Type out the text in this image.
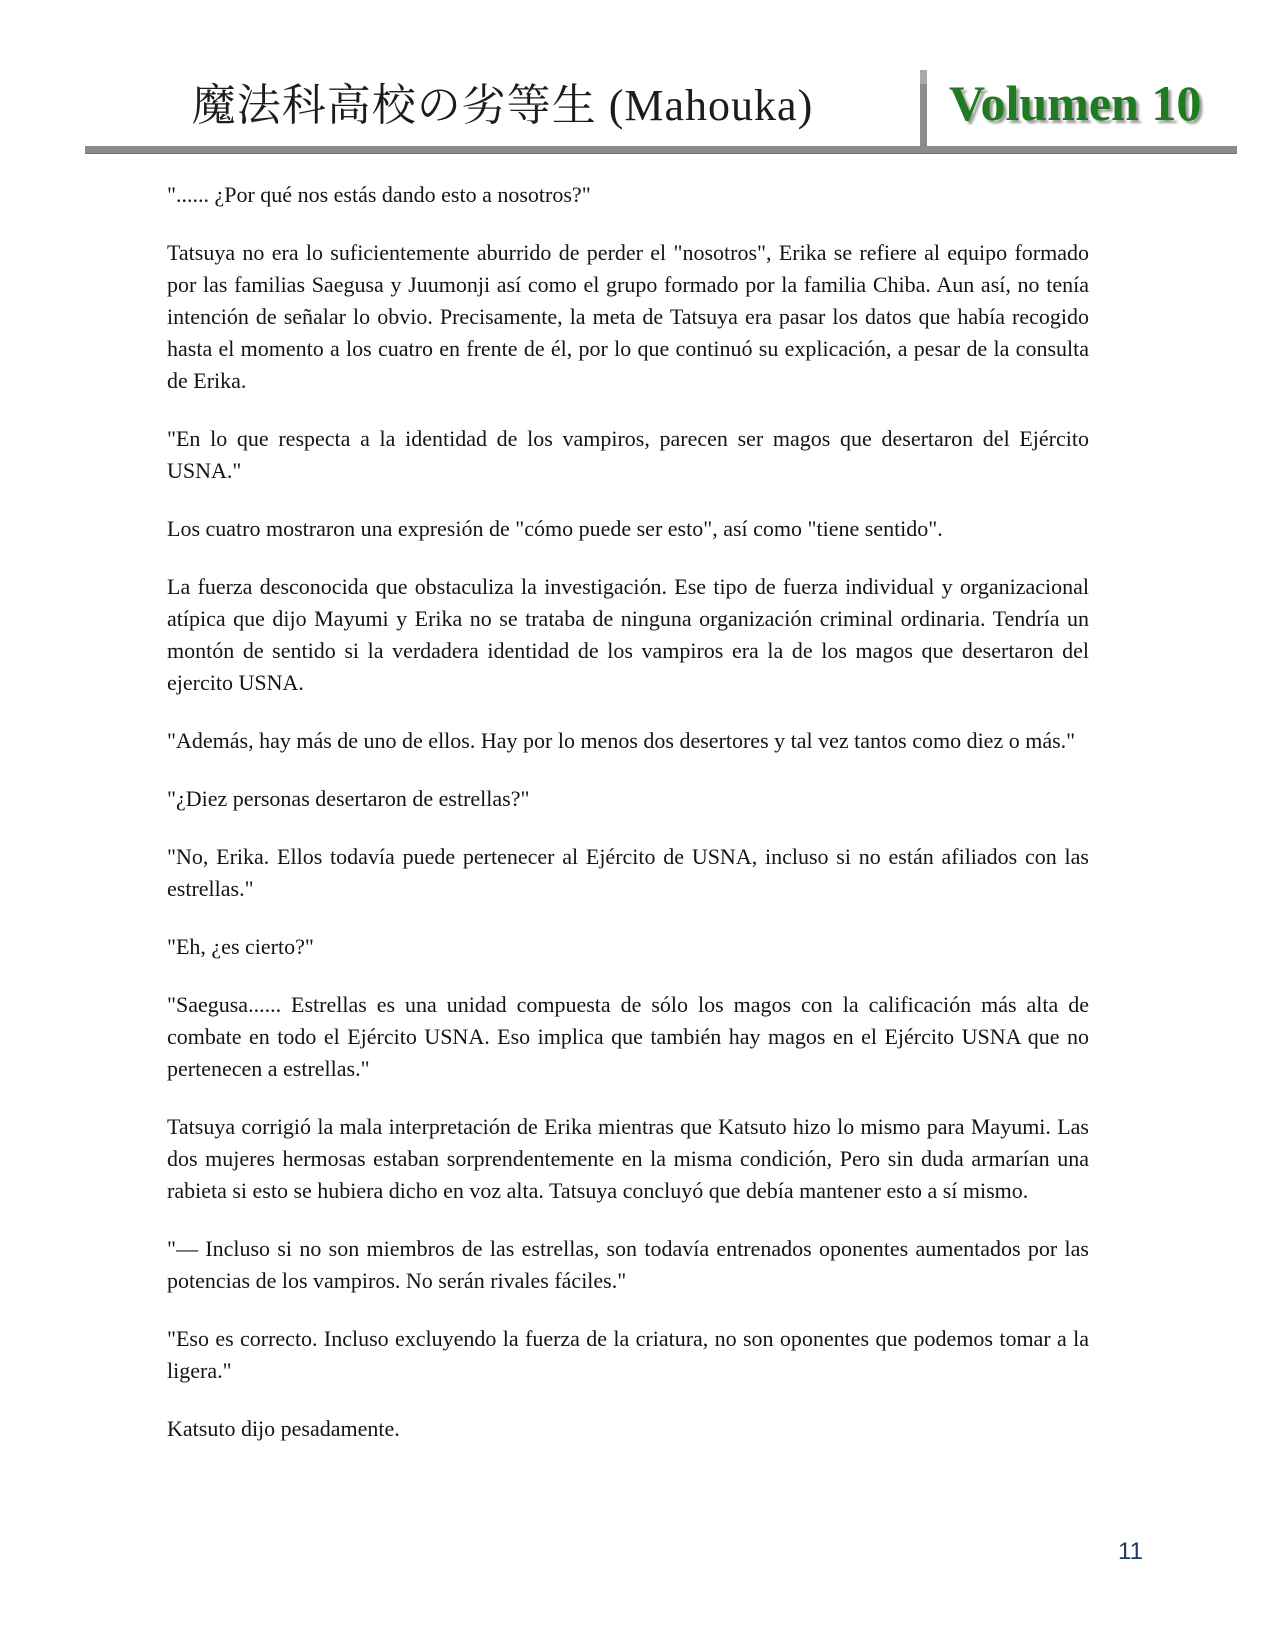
魔法科高校の劣等生 (Mahouka)	Volumen 10

"...... ¿Por qué nos estás dando esto a nosotros?"

Tatsuya no era lo suficientemente aburrido de perder el "nosotros", Erika se refiere al equipo formado por las familias Saegusa y Juumonji así como el grupo formado por la familia Chiba. Aun así, no tenía intención de señalar lo obvio. Precisamente, la meta de Tatsuya era pasar los datos que había recogido hasta el momento a los cuatro en frente de él, por lo que continuó su explicación, a pesar de la consulta de Erika.

"En lo que respecta a la identidad de los vampiros, parecen ser magos que desertaron del Ejército USNA."

Los cuatro mostraron una expresión de "cómo puede ser esto", así como "tiene sentido".

La fuerza desconocida que obstaculiza la investigación. Ese tipo de fuerza individual y organizacional atípica que dijo Mayumi y Erika no se trataba de ninguna organización criminal ordinaria. Tendría un montón de sentido si la verdadera identidad de los vampiros era la de los magos que desertaron del ejercito USNA.

"Además, hay más de uno de ellos. Hay por lo menos dos desertores y tal vez tantos como diez o más."

"¿Diez personas desertaron de estrellas?"

"No, Erika. Ellos todavía puede pertenecer al Ejército de USNA, incluso si no están afiliados con las estrellas."

"Eh, ¿es cierto?"

"Saegusa...... Estrellas es una unidad compuesta de sólo los magos con la calificación más alta de combate en todo el Ejército USNA. Eso implica que también hay magos en el Ejército USNA que no pertenecen a estrellas."

Tatsuya corrigió la mala interpretación de Erika mientras que Katsuto hizo lo mismo para Mayumi. Las dos mujeres hermosas estaban sorprendentemente en la misma condición, Pero sin duda armarían una rabieta si esto se hubiera dicho en voz alta. Tatsuya concluyó que debía mantener esto a sí mismo.

"— Incluso si no son miembros de las estrellas, son todavía entrenados oponentes aumentados por las potencias de los vampiros. No serán rivales fáciles."

"Eso es correcto. Incluso excluyendo la fuerza de la criatura, no son oponentes que podemos tomar a la ligera."

Katsuto dijo pesadamente.

11
